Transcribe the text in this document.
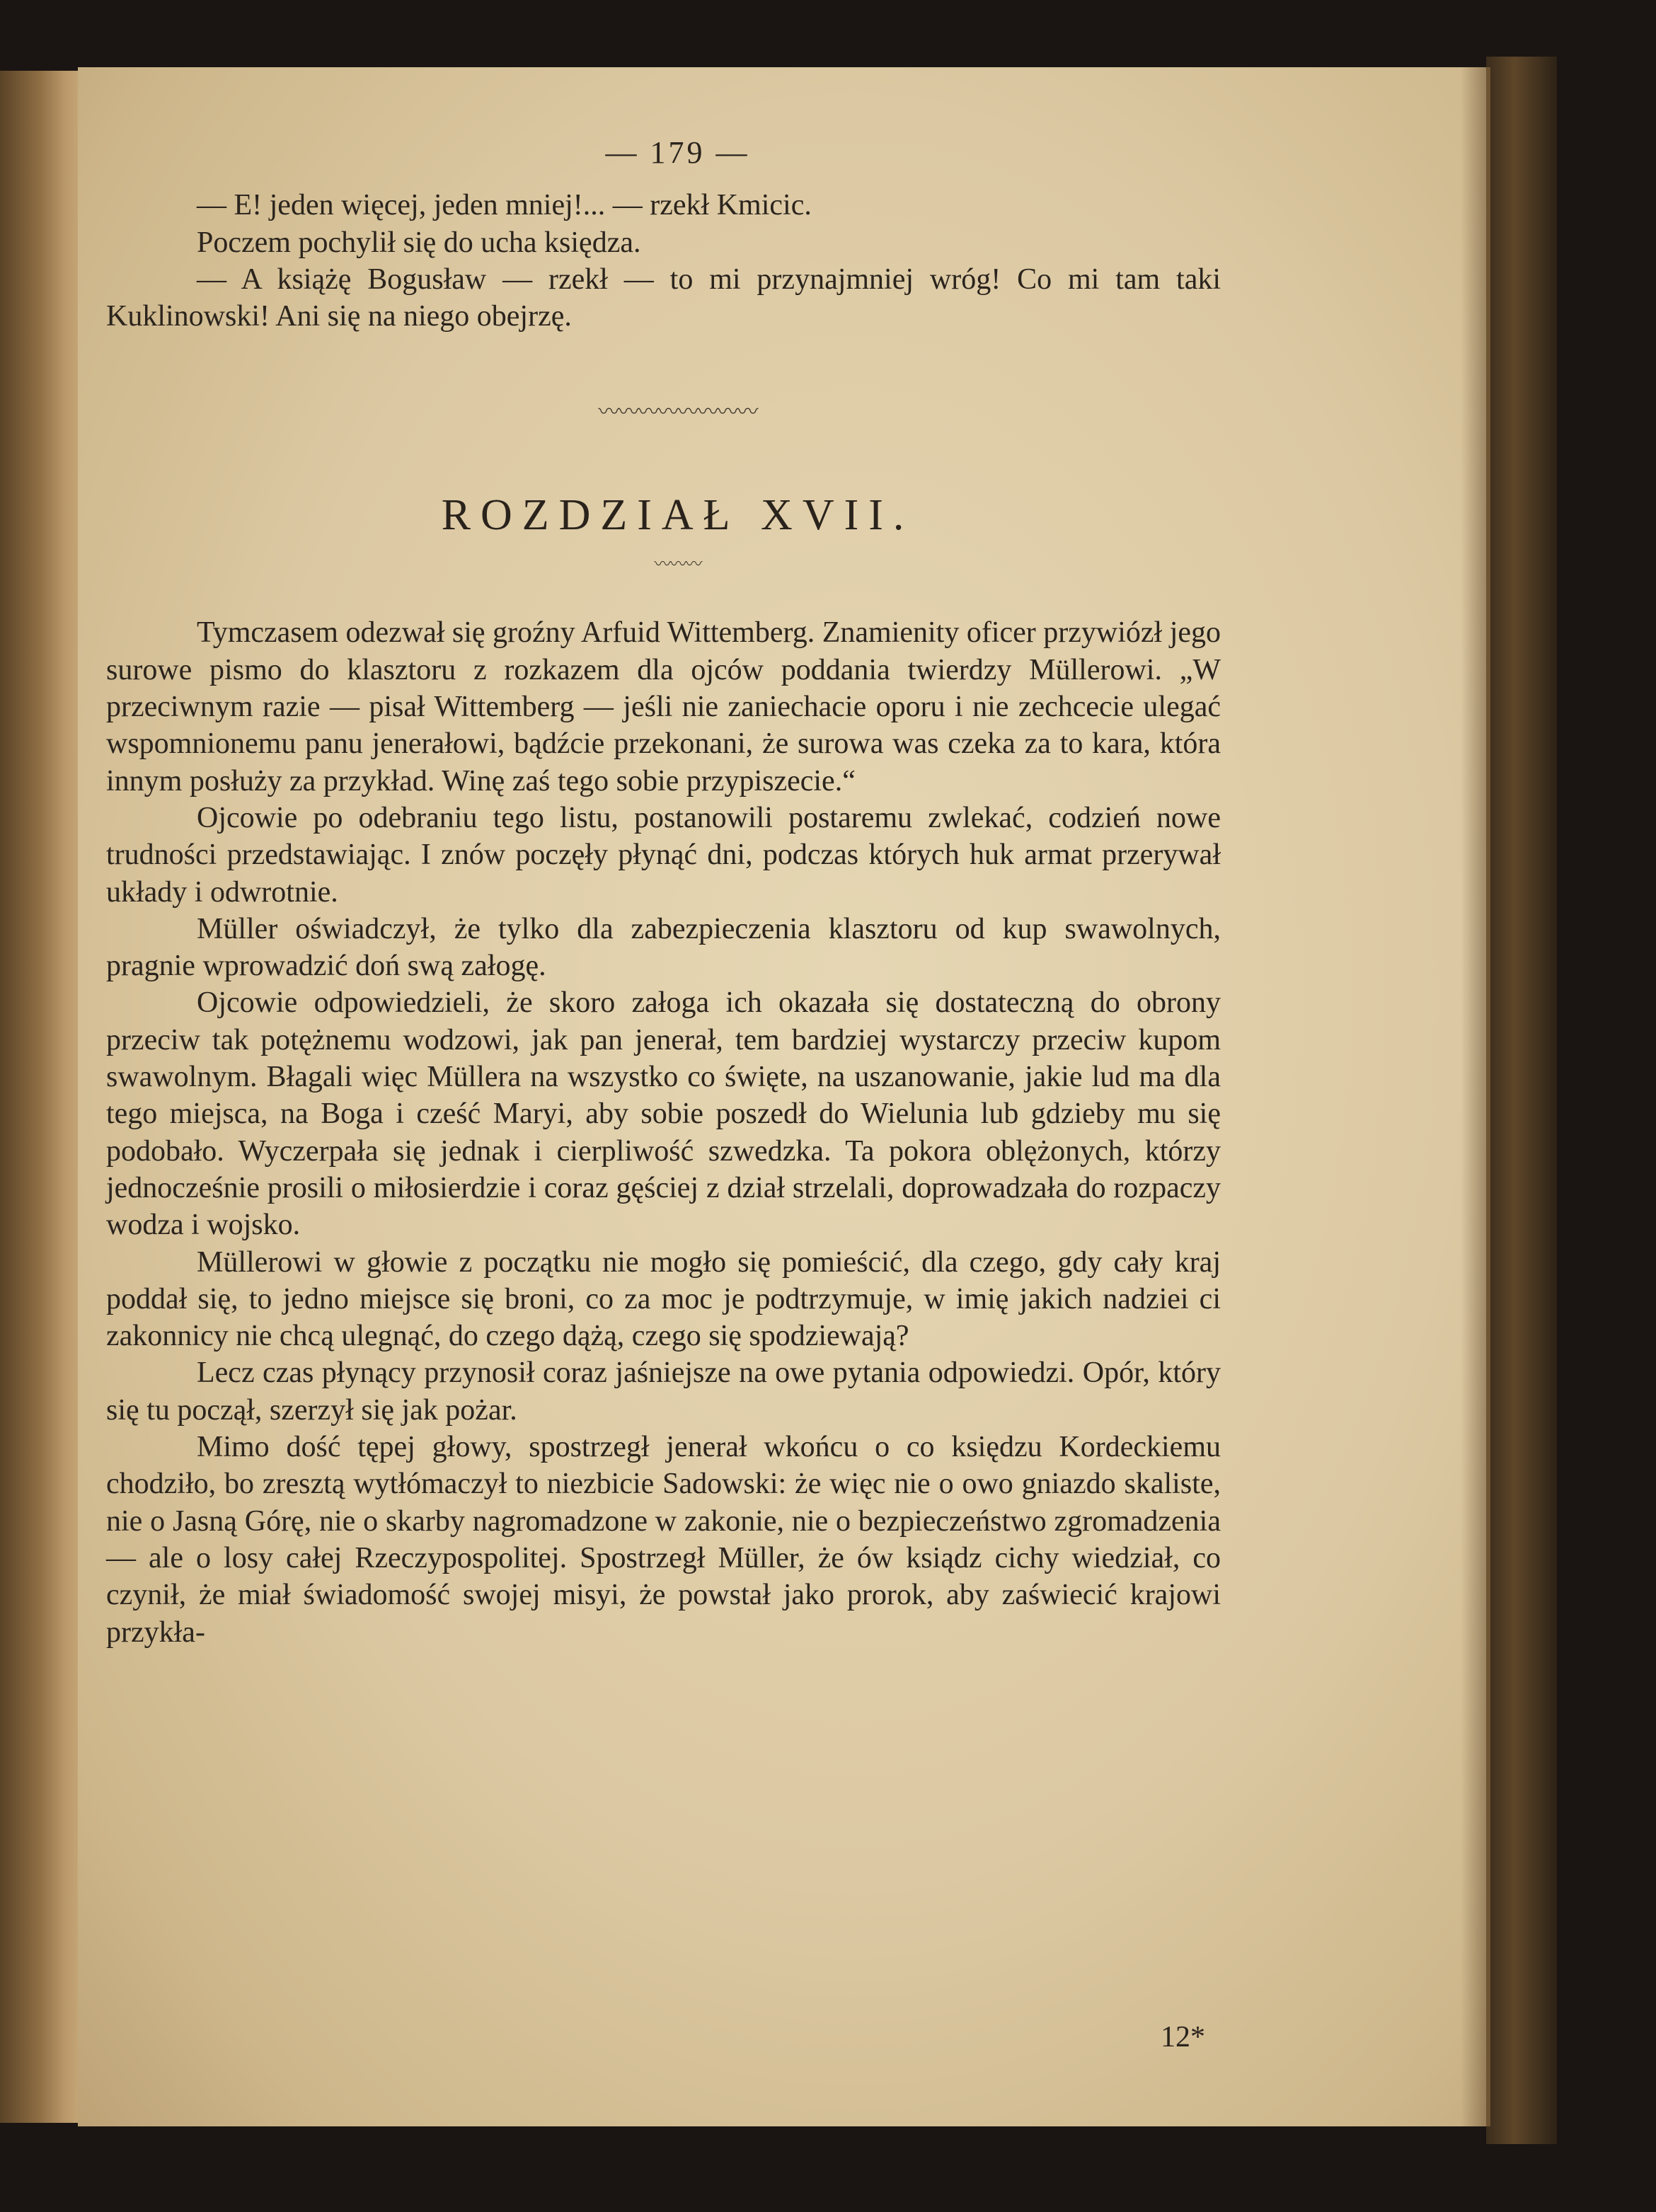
— 179 —

— E! jeden więcej, jeden mniej!... — rzekł Kmicic.

Poczem pochylił się do ucha księdza.

— A książę Bogusław — rzekł — to mi przynajmniej wróg! Co mi tam taki Kuklinowski! Ani się na niego obejrzę.

〰〰〰〰〰〰〰〰
ROZDZIAŁ XVII.
〰〰〰

Tymczasem odezwał się groźny Arfuid Wittemberg. Znamienity oficer przywiózł jego surowe pismo do klasztoru z rozkazem dla ojców poddania twierdzy Müllerowi. „W przeciwnym razie — pisał Wittemberg — jeśli nie zaniechacie oporu i nie zechcecie ulegać wspomnionemu panu jenerałowi, bądźcie przekonani, że surowa was czeka za to kara, która innym posłuży za przykład. Winę zaś tego sobie przypiszecie.“

Ojcowie po odebraniu tego listu, postanowili postaremu zwlekać, codzień nowe trudności przedstawiając. I znów poczęły płynąć dni, podczas których huk armat przerywał układy i odwrotnie.

Müller oświadczył, że tylko dla zabezpieczenia klasztoru od kup swawolnych, pragnie wprowadzić doń swą załogę.

Ojcowie odpowiedzieli, że skoro załoga ich okazała się dostateczną do obrony przeciw tak potężnemu wodzowi, jak pan jenerał, tem bardziej wystarczy przeciw kupom swawolnym. Błagali więc Müllera na wszystko co święte, na uszanowanie, jakie lud ma dla tego miejsca, na Boga i cześć Maryi, aby sobie poszedł do Wielunia lub gdzieby mu się podobało. Wyczerpała się jednak i cierpliwość szwedzka. Ta pokora oblężonych, którzy jednocześnie prosili o miłosierdzie i coraz gęściej z dział strzelali, doprowadzała do rozpaczy wodza i wojsko.

Müllerowi w głowie z początku nie mogło się pomieścić, dla czego, gdy cały kraj poddał się, to jedno miejsce się broni, co za moc je podtrzymuje, w imię jakich nadziei ci zakonnicy nie chcą ulegnąć, do czego dążą, czego się spodziewają?

Lecz czas płynący przynosił coraz jaśniejsze na owe pytania odpowiedzi. Opór, który się tu począł, szerzył się jak pożar.

Mimo dość tępej głowy, spostrzegł jenerał wkońcu o co księdzu Kordeckiemu chodziło, bo zresztą wytłómaczył to niezbicie Sadowski: że więc nie o owo gniazdo skaliste, nie o Jasną Górę, nie o skarby nagromadzone w zakonie, nie o bezpieczeństwo zgromadzenia — ale o losy całej Rzeczypospolitej. Spostrzegł Müller, że ów ksiądz cichy wiedział, co czynił, że miał świadomość swojej misyi, że powstał jako prorok, aby zaświecić krajowi przykła-

12*
